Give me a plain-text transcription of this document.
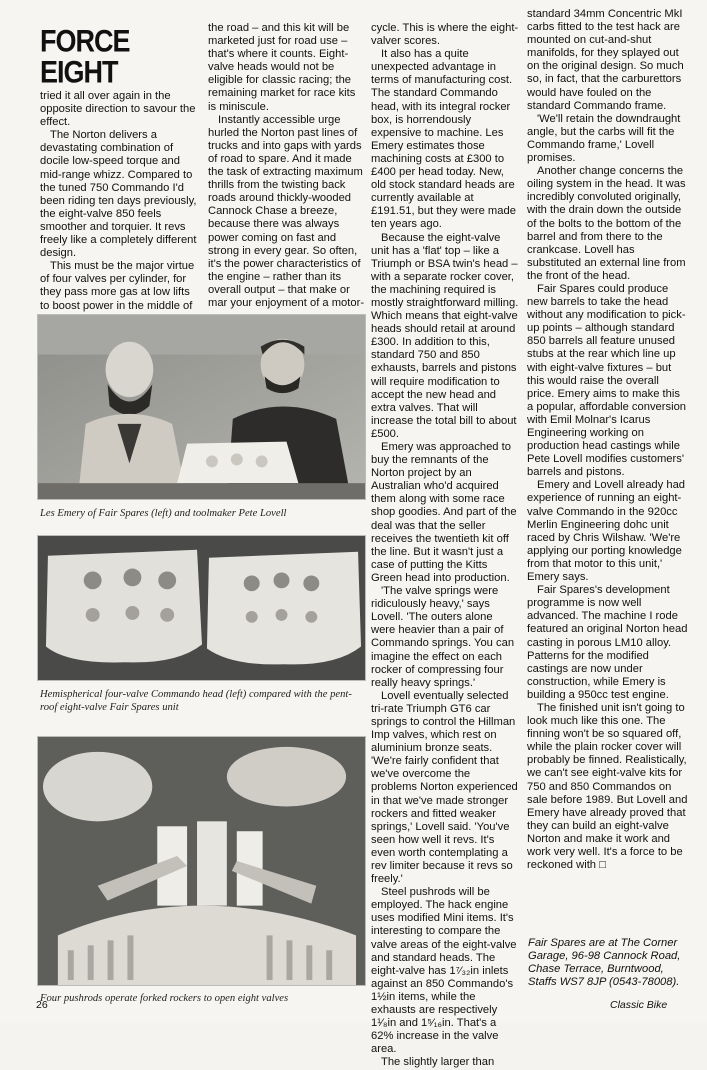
FORCE EIGHT

tried it all over again in the opposite direction to savour the effect.

The Norton delivers a devastating combination of docile low-speed torque and mid-range whizz. Compared to the tuned 750 Commando I'd been riding ten days previously, the eight-valve 850 feels smoother and torquier. It revs freely like a completely different design.

This must be the major virtue of four valves per cylinder, for they pass more gas at low lifts to boost power in the middle of

the road – and this kit will be marketed just for road use – that's where it counts. Eight-valve heads would not be eligible for classic racing; the remaining market for race kits is miniscule.

Instantly accessible urge hurled the Norton past lines of trucks and into gaps with yards of road to spare. And it made the task of extracting maximum thrills from the twisting back roads around thickly-wooded Cannock Chase a breeze, because there was always power coming on fast and strong in every gear. So often, it's the power characteristics of the engine – rather than its overall output – that make or mar your enjoyment of a motor-

cycle. This is where the eight-valver scores.

It also has a quite unexpected advantage in terms of manufacturing cost. The standard Commando head, with its integral rocker box, is horrendously expensive to machine. Les Emery estimates those machining costs at £300 to £400 per head today. New, old stock standard heads are currently available at £191.51, but they were made ten years ago.

Because the eight-valve unit has a 'flat' top – like a Triumph or BSA twin's head – with a separate rocker cover, the machining required is mostly straightforward milling. Which means that eight-valve heads should retail at around £300. In addition to this, standard 750 and 850 exhausts, barrels and pistons will require modification to accept the new head and extra valves. That will increase the total bill to about £500.

Emery was approached to buy the remnants of the Norton project by an Australian who'd acquired them along with some race shop goodies. And part of the deal was that the seller receives the twentieth kit off the line. But it wasn't just a case of putting the Kitts Green head into production.

'The valve springs were ridiculously heavy,' says Lovell. 'The outers alone were heavier than a pair of Commando springs. You can imagine the effect on each rocker of compressing four really heavy springs.'

Lovell eventually selected tri-rate Triumph GT6 car springs to control the Hillman Imp valves, which rest on aluminium bronze seats. 'We're fairly confident that we've overcome the problems Norton experienced in that we've made stronger rockers and fitted weaker springs,' Lovell said. 'You've seen how well it revs. It's even worth contemplating a rev limiter because it revs so freely.'

Steel pushrods will be employed. The hack engine uses modified Mini items. It's interesting to compare the valve areas of the eight-valve and standard heads. The eight-valve has 1⁷⁄₃₂in inlets against an 850 Commando's 1½in items, while the exhausts are respectively 1¹⁄₈in and 1⁵⁄₁₆in. That's a 62% increase in the valve area.

The slightly larger than

standard 34mm Concentric MkI carbs fitted to the test hack are mounted on cut-and-shut manifolds, for they splayed out on the original design. So much so, in fact, that the carburettors would have fouled on the standard Commando frame.

'We'll retain the downdraught angle, but the carbs will fit the Commando frame,' Lovell promises.

Another change concerns the oiling system in the head. It was incredibly convoluted originally, with the drain down the outside of the bolts to the bottom of the barrel and from there to the crankcase. Lovell has substituted an external line from the front of the head.

Fair Spares could produce new barrels to take the head without any modification to pick-up points – although standard 850 barrels all feature unused stubs at the rear which line up with eight-valve fixtures – but this would raise the overall price. Emery aims to make this a popular, affordable conversion with Emil Molnar's Icarus Engineering working on production head castings while Pete Lovell modifies customers' barrels and pistons.

Emery and Lovell already had experience of running an eight-valve Commando in the 920cc Merlin Engineering dohc unit raced by Chris Wilshaw. 'We're applying our porting knowledge from that motor to this unit,' Emery says.

Fair Spares's development programme is now well advanced. The machine I rode featured an original Norton head casting in porous LM10 alloy. Patterns for the modified castings are now under construction, while Emery is building a 950cc test engine.

The finished unit isn't going to look much like this one. The finning won't be so squared off, while the plain rocker cover will probably be finned. Realistically, we can't see eight-valve kits for 750 and 850 Commandos on sale before 1989. But Lovell and Emery have already proved that they can build an eight-valve Norton and make it work and work very well. It's a force to be reckoned with □

Les Emery of Fair Spares (left) and toolmaker Pete Lovell
Hemispherical four-valve Commando head (left) compared with the pent-roof eight-valve Fair Spares unit
Four pushrods operate forked rockers to open eight valves
Fair Spares are at The Corner Garage, 96-98 Cannock Road, Chase Terrace, Burntwood, Staffs WS7 8JP (0543-78008).
26	Classic Bike
